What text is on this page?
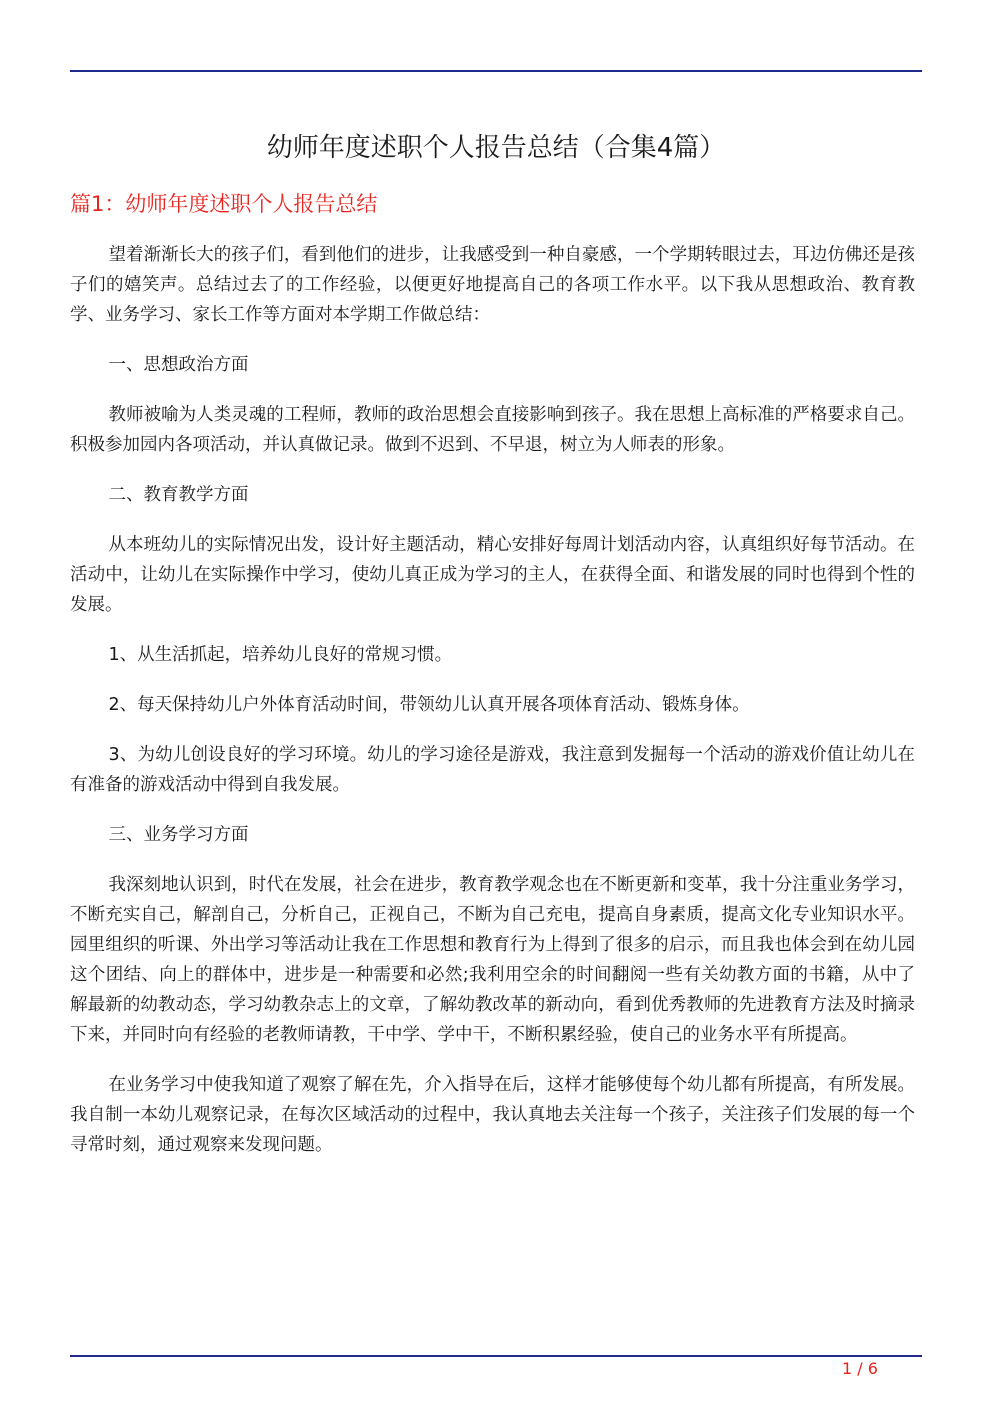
幼师年度述职个人报告总结（合集4篇）
篇1：幼师年度述职个人报告总结

望着渐渐长大的孩子们，看到他们的进步，让我感受到一种自豪感，一个学期转眼过去，耳边仿佛还是孩子们的嬉笑声。总结过去了的工作经验，以便更好地提高自己的各项工作水平。以下我从思想政治、教育教学、业务学习、家长工作等方面对本学期工作做总结：

一、思想政治方面

教师被喻为人类灵魂的工程师，教师的政治思想会直接影响到孩子。我在思想上高标准的严格要求自己。积极参加园内各项活动，并认真做记录。做到不迟到、不早退，树立为人师表的形象。

二、教育教学方面

从本班幼儿的实际情况出发，设计好主题活动，精心安排好每周计划活动内容，认真组织好每节活动。在活动中，让幼儿在实际操作中学习，使幼儿真正成为学习的主人，在获得全面、和谐发展的同时也得到个性的发展。

1、从生活抓起，培养幼儿良好的常规习惯。

2、每天保持幼儿户外体育活动时间，带领幼儿认真开展各项体育活动、锻炼身体。

3、为幼儿创设良好的学习环境。幼儿的学习途径是游戏，我注意到发掘每一个活动的游戏价值让幼儿在有准备的游戏活动中得到自我发展。

三、业务学习方面

我深刻地认识到，时代在发展，社会在进步，教育教学观念也在不断更新和变革，我十分注重业务学习，不断充实自己，解剖自己，分析自己，正视自己，不断为自己充电，提高自身素质，提高文化专业知识水平。园里组织的听课、外出学习等活动让我在工作思想和教育行为上得到了很多的启示，而且我也体会到在幼儿园这个团结、向上的群体中，进步是一种需要和必然;我利用空余的时间翻阅一些有关幼教方面的书籍，从中了解最新的幼教动态，学习幼教杂志上的文章，了解幼教改革的新动向，看到优秀教师的先进教育方法及时摘录下来，并同时向有经验的老教师请教，干中学、学中干，不断积累经验，使自己的业务水平有所提高。

在业务学习中使我知道了观察了解在先，介入指导在后，这样才能够使每个幼儿都有所提高，有所发展。我自制一本幼儿观察记录，在每次区域活动的过程中，我认真地去关注每一个孩子，关注孩子们发展的每一个寻常时刻，通过观察来发现问题。

1 / 6
